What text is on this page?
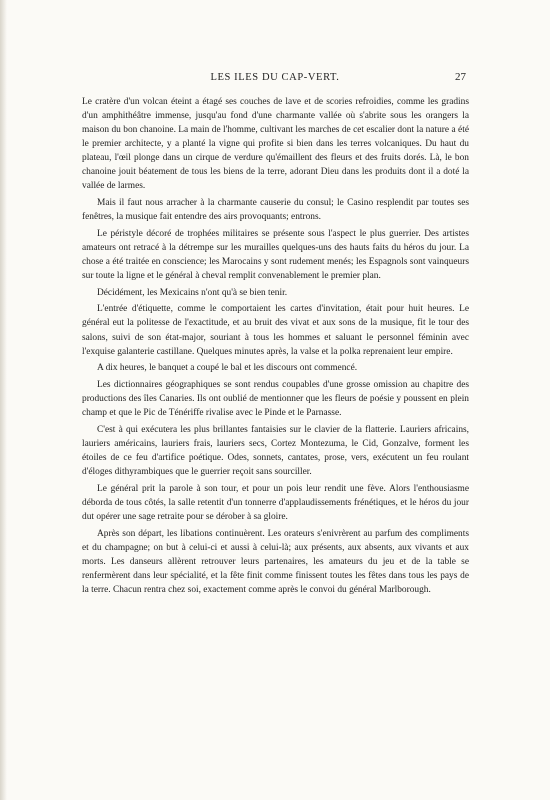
LES ILES DU CAP-VERT.	27

Le cratère d'un volcan éteint a étagé ses couches de lave et de scories refroidies, comme les gradins d'un amphithéâtre immense, jusqu'au fond d'une charmante vallée où s'abrite sous les orangers la maison du bon chanoine. La main de l'homme, cultivant les marches de cet escalier dont la nature a été le premier architecte, y a planté la vigne qui profite si bien dans les terres volcaniques. Du haut du plateau, l'œil plonge dans un cirque de verdure qu'émaillent des fleurs et des fruits dorés. Là, le bon chanoine jouit béatement de tous les biens de la terre, adorant Dieu dans les produits dont il a doté la vallée de larmes.

Mais il faut nous arracher à la charmante causerie du consul; le Casino resplendit par toutes ses fenêtres, la musique fait entendre des airs provoquants; entrons.

Le péristyle décoré de trophées militaires se présente sous l'aspect le plus guerrier. Des artistes amateurs ont retracé à la détrempe sur les murailles quelques-uns des hauts faits du héros du jour. La chose a été traitée en conscience; les Marocains y sont rudement menés; les Espagnols sont vainqueurs sur toute la ligne et le général à cheval remplit convenablement le premier plan.

Décidément, les Mexicains n'ont qu'à se bien tenir.

L'entrée d'étiquette, comme le comportaient les cartes d'invitation, était pour huit heures. Le général eut la politesse de l'exactitude, et au bruit des vivat et aux sons de la musique, fit le tour des salons, suivi de son état-major, souriant à tous les hommes et saluant le personnel féminin avec l'exquise galanterie castillane. Quelques minutes après, la valse et la polka reprenaient leur empire.

A dix heures, le banquet a coupé le bal et les discours ont commencé.

Les dictionnaires géographiques se sont rendus coupables d'une grosse omission au chapitre des productions des îles Canaries. Ils ont oublié de mentionner que les fleurs de poésie y poussent en plein champ et que le Pic de Ténériffe rivalise avec le Pinde et le Parnasse.

C'est à qui exécutera les plus brillantes fantaisies sur le clavier de la flatterie. Lauriers africains, lauriers américains, lauriers frais, lauriers secs, Cortez Montezuma, le Cid, Gonzalve, forment les étoiles de ce feu d'artifice poétique. Odes, sonnets, cantates, prose, vers, exécutent un feu roulant d'éloges dithyrambiques que le guerrier reçoit sans sourciller.

Le général prit la parole à son tour, et pour un pois leur rendit une fève. Alors l'enthousiasme déborda de tous côtés, la salle retentit d'un tonnerre d'applaudissements frénétiques, et le héros du jour dut opérer une sage retraite pour se dérober à sa gloire.

Après son départ, les libations continuèrent. Les orateurs s'enivrèrent au parfum des compliments et du champagne; on but à celui-ci et aussi à celui-là; aux présents, aux absents, aux vivants et aux morts. Les danseurs allèrent retrouver leurs partenaires, les amateurs du jeu et de la table se renfermèrent dans leur spécialité, et la fête finit comme finissent toutes les fêtes dans tous les pays de la terre. Chacun rentra chez soi, exactement comme après le convoi du général Marlborough.
